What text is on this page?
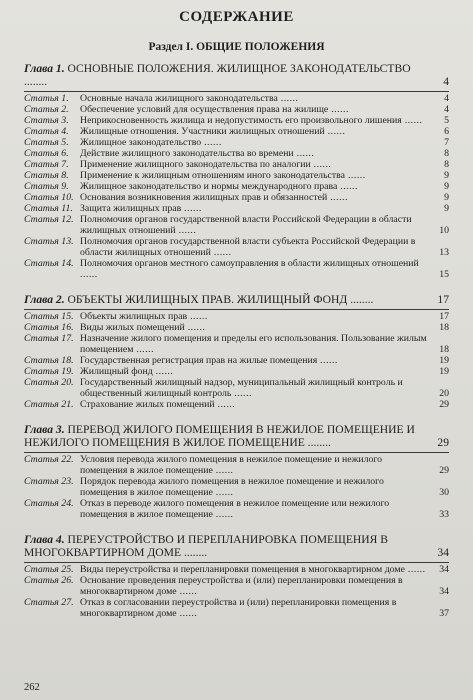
СОДЕРЖАНИЕ
Раздел I. ОБЩИЕ ПОЛОЖЕНИЯ
Глава 1. ОСНОВНЫЕ ПОЛОЖЕНИЯ. ЖИЛИЩНОЕ ЗАКОНОДАТЕЛЬСТВО ........	4
Статья 1. Основные начала жилищного законодательства ......	4
Статья 2. Обеспечение условий для осуществления права на жилище ......	4
Статья 3. Неприкосновенность жилища и недопустимость его произвольного лишения ...... 5
Статья 4. Жилищные отношения. Участники жилищных отношений ......	6
Статья 5. Жилищное законодательство ......	7
Статья 6. Действие жилищного законодательства во времени ......	8
Статья 7. Применение жилищного законодательства по аналогии ......	8
Статья 8. Применение к жилищным отношениям иного законодательства ......	9
Статья 9. Жилищное законодательство и нормы международного права ......	9
Статья 10. Основания возникновения жилищных прав и обязанностей ......	9
Статья 11. Защита жилищных прав ......	9
Статья 12. Полномочия органов государственной власти Российской Федерации в области жилищных отношений ......	10
Статья 13. Полномочия органов государственной власти субъекта Российской Федерации в области жилищных отношений ......	13
Статья 14. Полномочия органов местного самоуправления в области жилищных отношений ......	15
Глава 2. ОБЪЕКТЫ ЖИЛИЩНЫХ ПРАВ. ЖИЛИЩНЫЙ ФОНД ........	17
Статья 15. Объекты жилищных прав ......	17
Статья 16. Виды жилых помещений ......	18
Статья 17. Назначение жилого помещения и пределы его использования. Пользование жилым помещением ......	18
Статья 18. Государственная регистрация прав на жилые помещения ......	19
Статья 19. Жилищный фонд ......	19
Статья 20. Государственный жилищный надзор, муниципальный жилищный контроль и общественный жилищный контроль ......	20
Статья 21. Страхование жилых помещений ......	29
Глава 3. ПЕРЕВОД ЖИЛОГО ПОМЕЩЕНИЯ В НЕЖИЛОЕ ПОМЕЩЕНИЕ И НЕЖИЛОГО ПОМЕЩЕНИЯ В ЖИЛОЕ ПОМЕЩЕНИЕ ........	29
Статья 22. Условия перевода жилого помещения в нежилое помещение и нежилого помещения в жилое помещение ......	29
Статья 23. Порядок перевода жилого помещения в нежилое помещение и нежилого помещения в жилое помещение ......	30
Статья 24. Отказ в переводе жилого помещения в нежилое помещение или нежилого помещения в жилое помещение ......	33
Глава 4. ПЕРЕУСТРОЙСТВО И ПЕРЕПЛАНИРОВКА ПОМЕЩЕНИЯ В МНОГОКВАРТИРНОМ ДОМЕ ........	34
Статья 25. Виды переустройства и перепланировки помещения в многоквартирном доме ...... 34
Статья 26. Основание проведения переустройства и (или) перепланировки помещения в многоквартирном доме ......	34
Статья 27. Отказ в согласовании переустройства и (или) перепланировки помещения в многоквартирном доме ......	37
262
